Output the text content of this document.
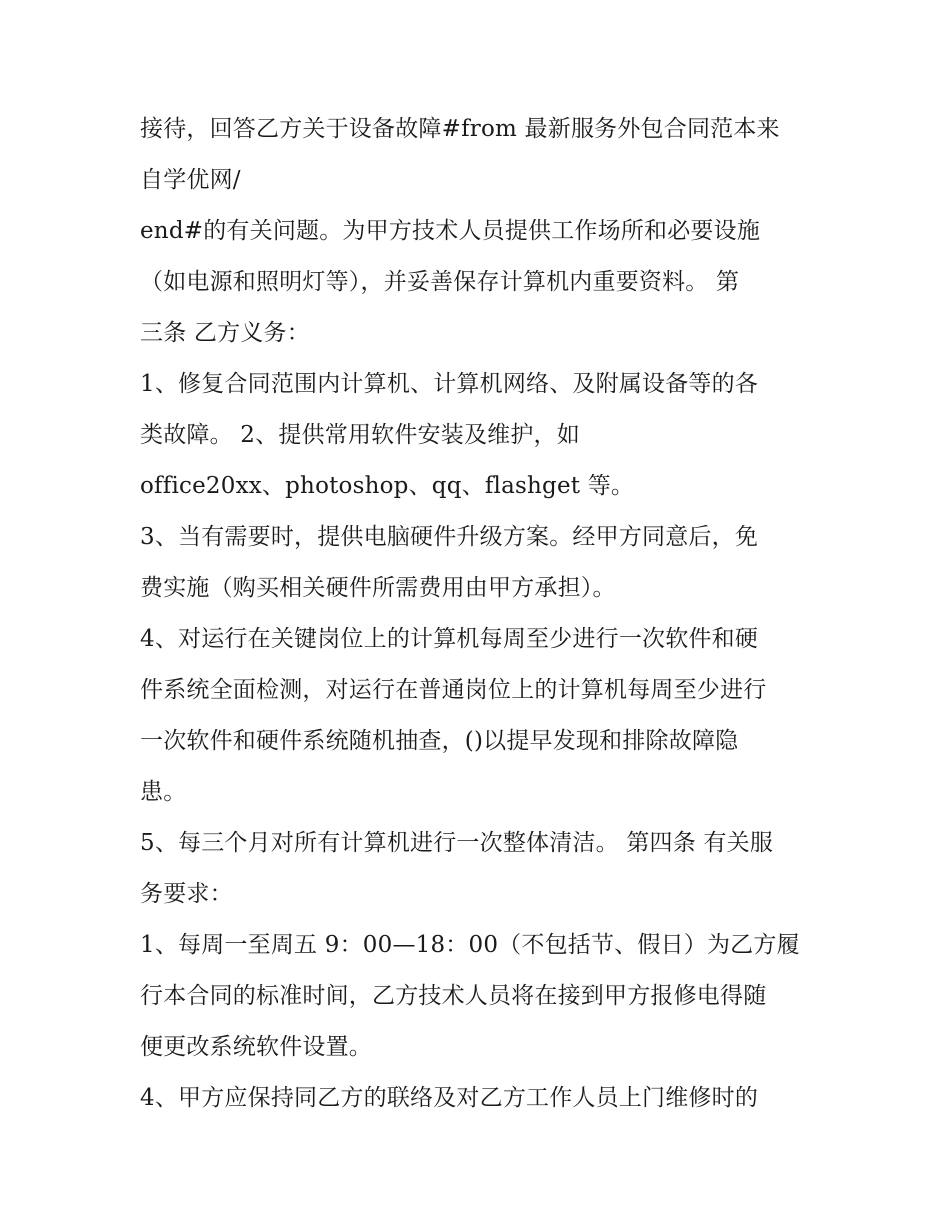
接待，回答乙方关于设备故障#from 最新服务外包合同范本来
自学优网/
end#的有关问题。为甲方技术人员提供工作场所和必要设施
（如电源和照明灯等），并妥善保存计算机内重要资料。 第
三条 乙方义务：
1、修复合同范围内计算机、计算机网络、及附属设备等的各
类故障。 2、提供常用软件安装及维护，如
office20xx、photoshop、qq、flashget 等。
3、当有需要时，提供电脑硬件升级方案。经甲方同意后，免
费实施（购买相关硬件所需费用由甲方承担）。
4、对运行在关键岗位上的计算机每周至少进行一次软件和硬
件系统全面检测，对运行在普通岗位上的计算机每周至少进行
一次软件和硬件系统随机抽查，()以提早发现和排除故障隐
患。
5、每三个月对所有计算机进行一次整体清洁。 第四条 有关服
务要求：
1、每周一至周五 9：00—18：00（不包括节、假日）为乙方履
行本合同的标准时间，乙方技术人员将在接到甲方报修电得随
便更改系统软件设置。
4、甲方应保持同乙方的联络及对乙方工作人员上门维修时的
